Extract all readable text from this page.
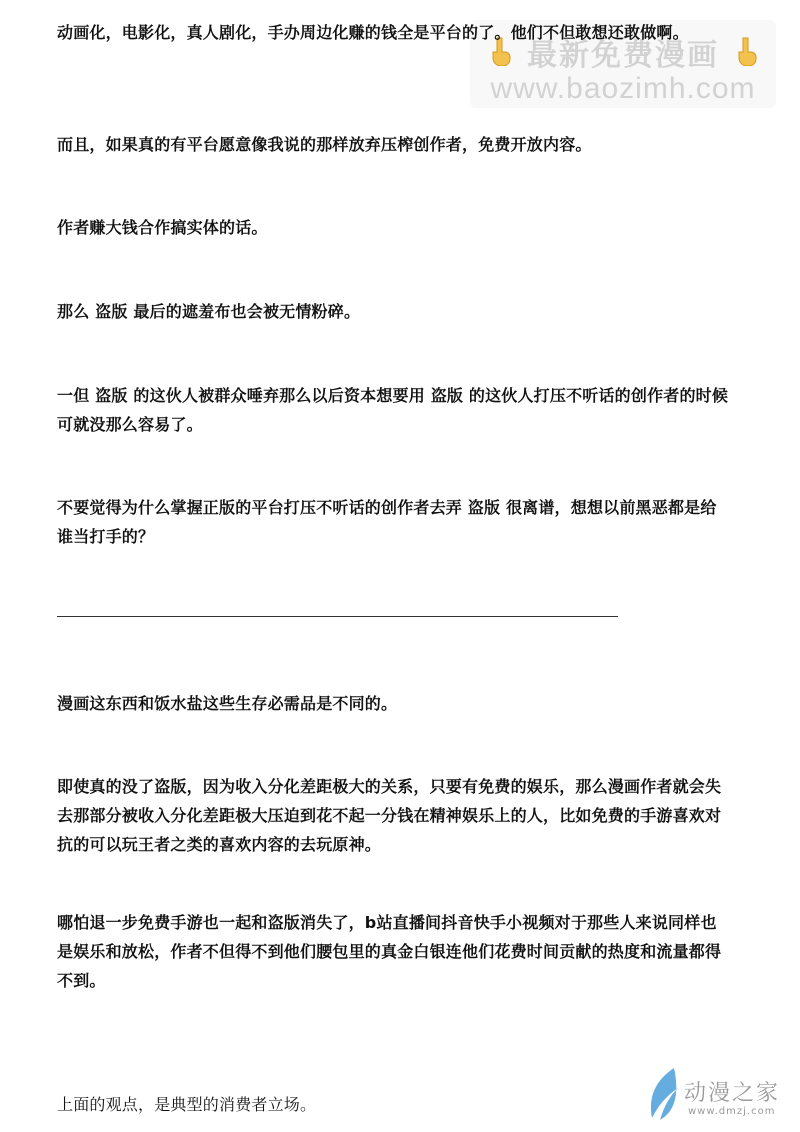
最新免费漫画
www.baozimh.com

动画化，电影化，真人剧化，手办周边化赚的钱全是平台的了。他们不但敢想还敢做啊。

而且，如果真的有平台愿意像我说的那样放弃压榨创作者，免费开放内容。

作者赚大钱合作搞实体的话。

那么 盗版 最后的遮羞布也会被无情粉碎。

一但 盗版 的这伙人被群众唾弃那么以后资本想要用 盗版 的这伙人打压不听话的创作者的时候可就没那么容易了。

不要觉得为什么掌握正版的平台打压不听话的创作者去弄 盗版 很离谱，想想以前黑恶都是给谁当打手的？

漫画这东西和饭水盐这些生存必需品是不同的。

即使真的没了盗版，因为收入分化差距极大的关系，只要有免费的娱乐，那么漫画作者就会失去那部分被收入分化差距极大压迫到花不起一分钱在精神娱乐上的人，比如免费的手游喜欢对抗的可以玩王者之类的喜欢内容的去玩原神。

哪怕退一步免费手游也一起和盗版消失了，b站直播间抖音快手小视频对于那些人来说同样也是娱乐和放松，作者不但得不到他们腰包里的真金白银连他们花费时间贡献的热度和流量都得不到。

上面的观点，是典型的消费者立场。	动漫之家
www.dmzj.com
